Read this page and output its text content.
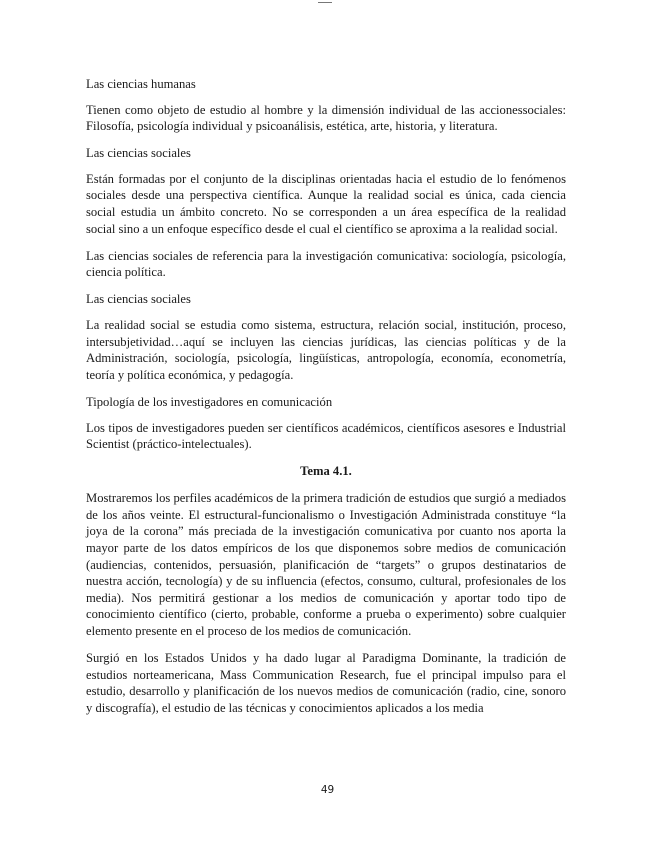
Las ciencias humanas

Tienen como objeto de estudio al hombre y la dimensión individual de las accionessociales: Filosofía, psicología individual y psicoanálisis, estética, arte, historia, y literatura.

Las ciencias sociales

Están formadas por el conjunto de la disciplinas orientadas hacia el estudio de lo fenómenos sociales desde una perspectiva científica. Aunque la realidad social es única, cada ciencia social estudia un ámbito concreto. No se corresponden a un área específica de la realidad social sino a un enfoque específico desde el cual el científico se aproxima a la realidad social.

Las ciencias sociales de referencia para la investigación comunicativa: sociología, psicología, ciencia política.

Las ciencias sociales

La realidad social se estudia como sistema, estructura, relación social, institución, proceso, intersubjetividad…aquí se incluyen las ciencias jurídicas, las ciencias políticas y de la Administración, sociología, psicología, lingüísticas, antropología, economía, econometría, teoría y política económica, y pedagogía.

Tipología de los investigadores en comunicación

Los tipos de investigadores pueden ser científicos académicos, científicos asesores e Industrial Scientist (práctico-intelectuales).

Tema 4.1.

Mostraremos los perfiles académicos de la primera tradición de estudios que surgió a mediados de los años veinte. El estructural-funcionalismo o Investigación Administrada constituye “la joya de la corona” más preciada de la investigación comunicativa por cuanto nos aporta la mayor parte de los datos empíricos de los que disponemos sobre medios de comunicación (audiencias, contenidos, persuasión, planificación de “targets” o grupos destinatarios de nuestra acción, tecnología) y de su influencia (efectos, consumo, cultural, profesionales de los media). Nos permitirá gestionar a los medios de comunicación y aportar todo tipo de conocimiento científico (cierto, probable, conforme a prueba o experimento) sobre cualquier elemento presente en el proceso de los medios de comunicación.

Surgió en los Estados Unidos y ha dado lugar al Paradigma Dominante, la tradición de estudios norteamericana, Mass Communication Research, fue el principal impulso para el estudio, desarrollo y planificación de los nuevos medios de comunicación (radio, cine, sonoro y discografía), el estudio de las técnicas y conocimientos aplicados a los media

49
